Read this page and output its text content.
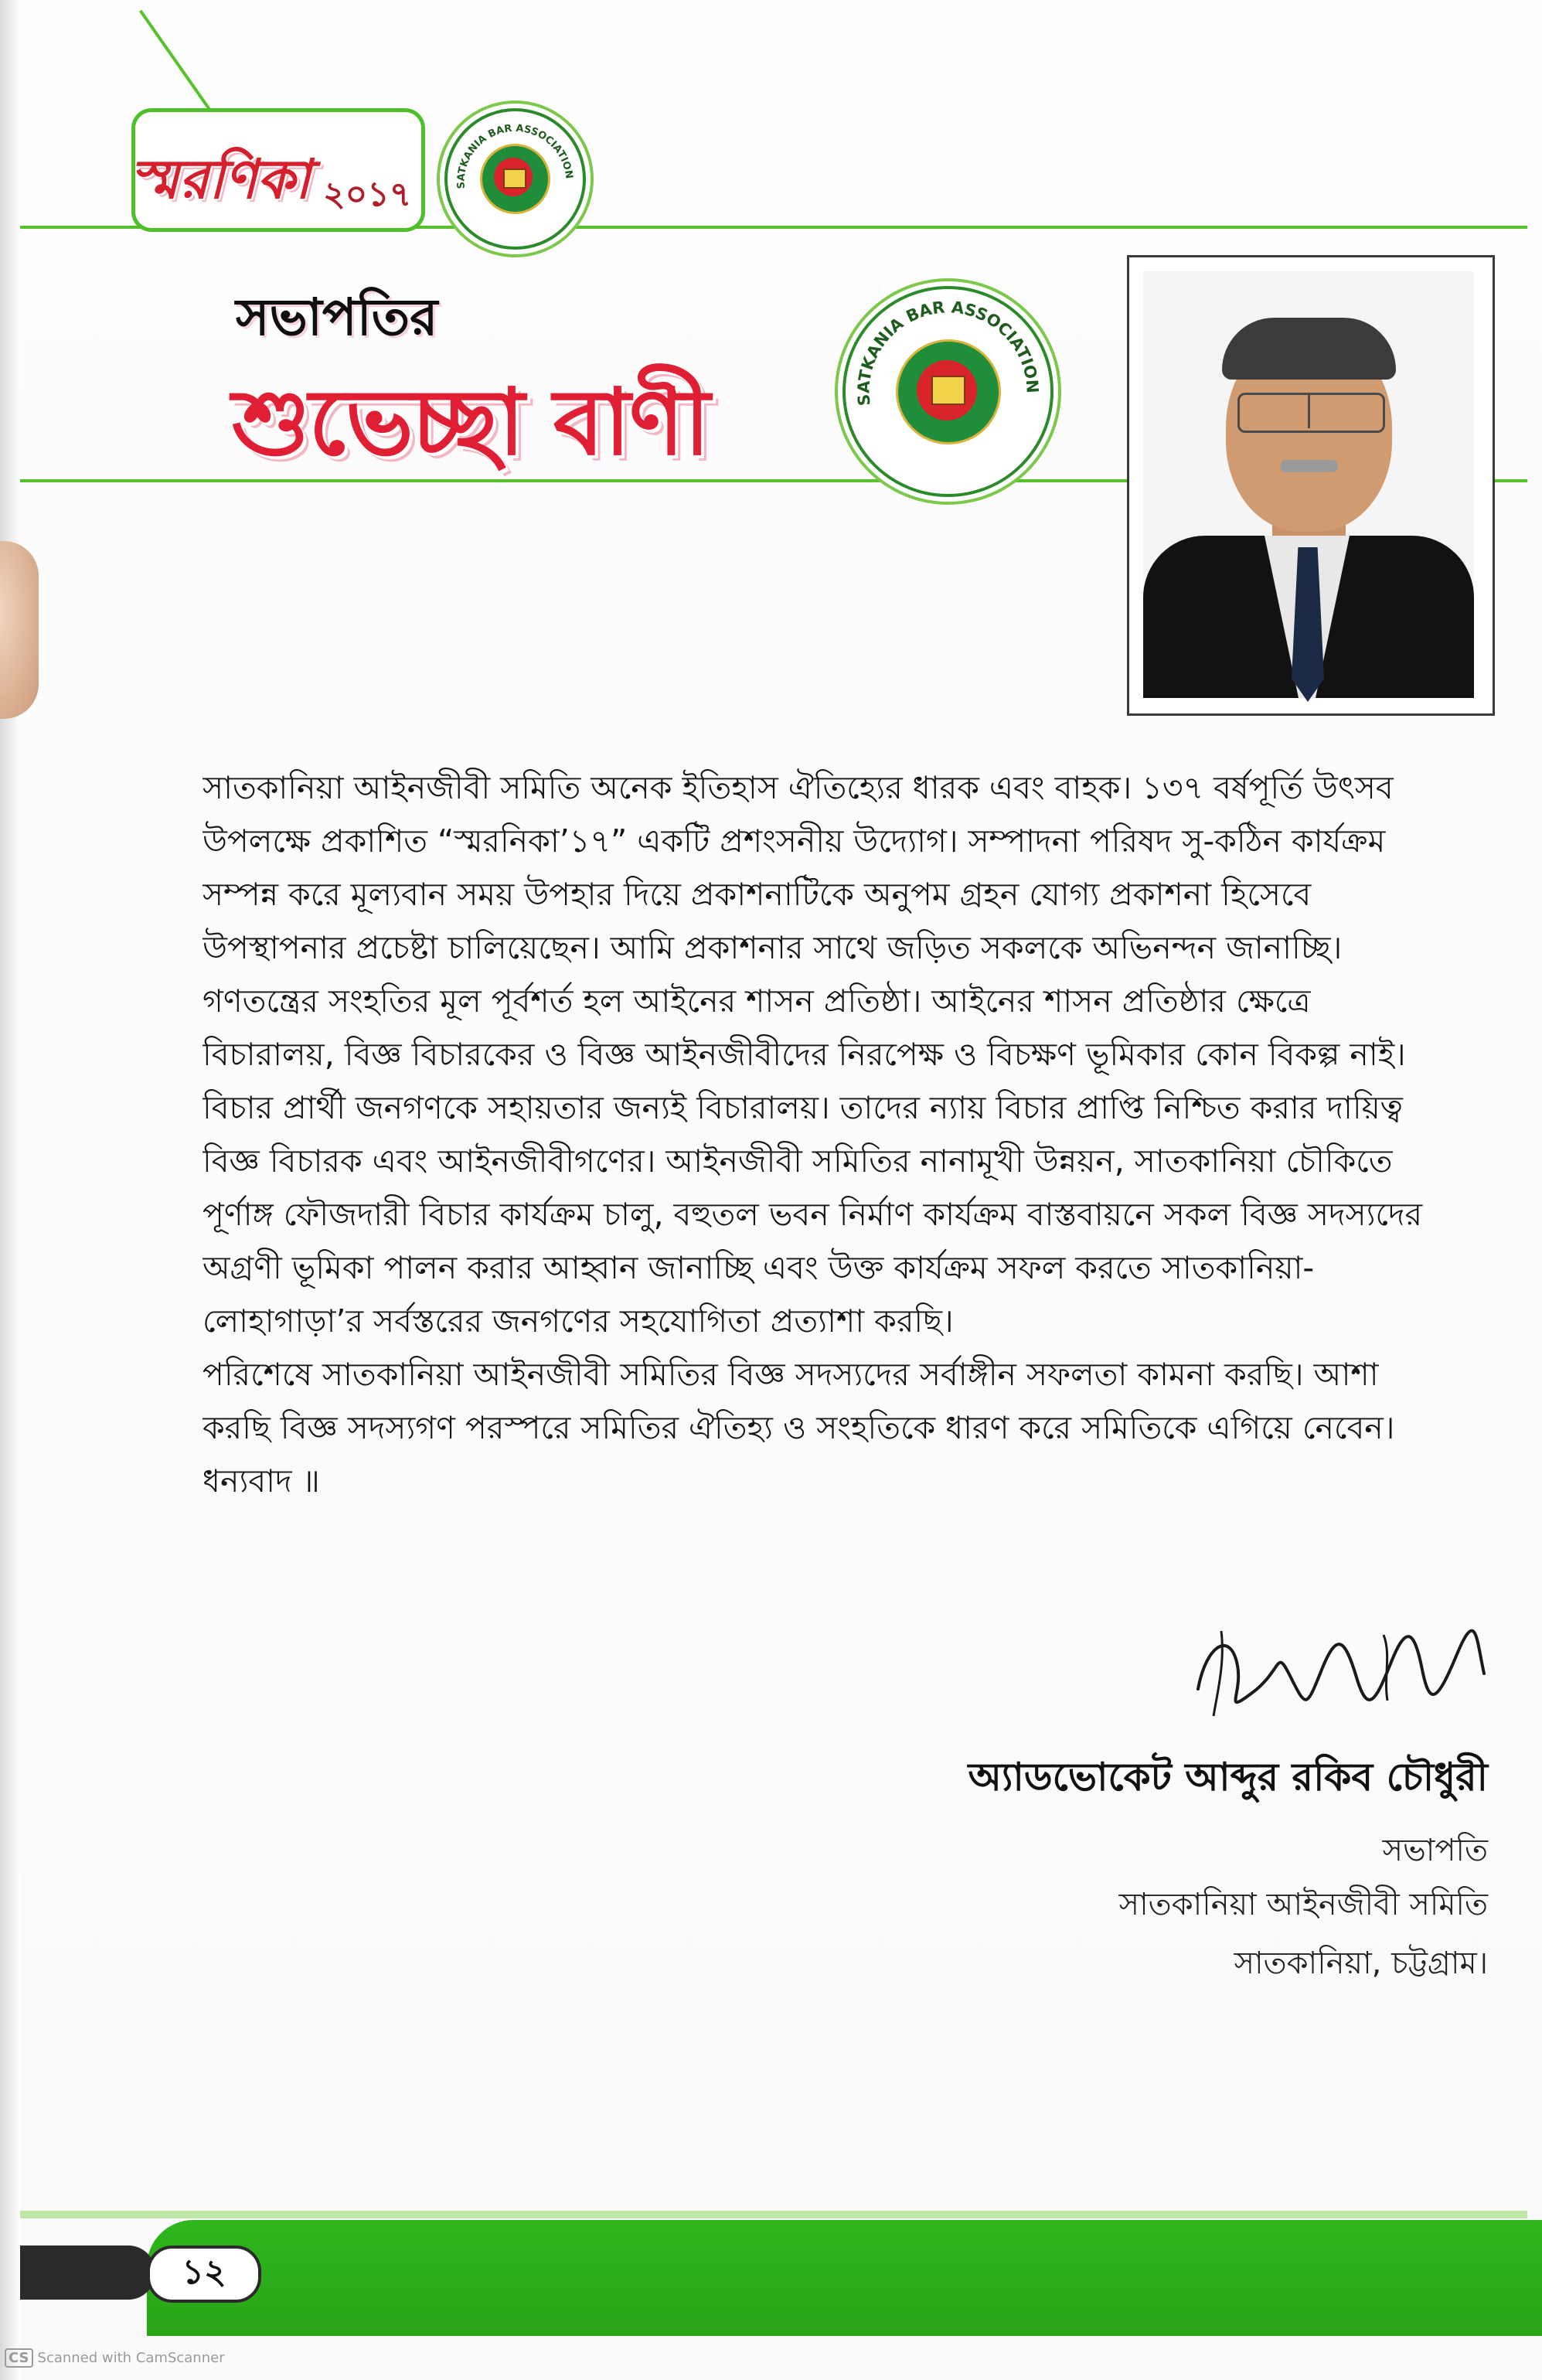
স্মরণিকা ২০১৭	SATKANIA BAR ASSOCIATION
সভাপতির
শুভেচ্ছা বাণী	SATKANIA BAR ASSOCIATION
সাতকানিয়া আইনজীবী সমিতি অনেক ইতিহাস ঐতিহ্যের ধারক এবং বাহক। ১৩৭ বর্ষপূর্তি উৎসব
উপলক্ষে প্রকাশিত “স্মরনিকা’১৭” একটি প্রশংসনীয় উদ্যোগ। সম্পাদনা পরিষদ সু-কঠিন কার্যক্রম
সম্পন্ন করে মূল্যবান সময় উপহার দিয়ে প্রকাশনাটিকে অনুপম গ্রহন যোগ্য প্রকাশনা হিসেবে
উপস্থাপনার প্রচেষ্টা চালিয়েছেন। আমি প্রকাশনার সাথে জড়িত সকলকে অভিনন্দন জানাচ্ছি।
গণতন্ত্রের সংহতির মূল পূর্বশর্ত হল আইনের শাসন প্রতিষ্ঠা। আইনের শাসন প্রতিষ্ঠার ক্ষেত্রে
বিচারালয়, বিজ্ঞ বিচারকের ও বিজ্ঞ আইনজীবীদের নিরপেক্ষ ও বিচক্ষণ ভূমিকার কোন বিকল্প নাই।
বিচার প্রার্থী জনগণকে সহায়তার জন্যই বিচারালয়। তাদের ন্যায় বিচার প্রাপ্তি নিশ্চিত করার দায়িত্ব
বিজ্ঞ বিচারক এবং আইনজীবীগণের। আইনজীবী সমিতির নানামূখী উন্নয়ন, সাতকানিয়া চৌকিতে
পূর্ণাঙ্গ ফৌজদারী বিচার কার্যক্রম চালু, বহুতল ভবন নির্মাণ কার্যক্রম বাস্তবায়নে সকল বিজ্ঞ সদস্যদের
অগ্রণী ভূমিকা পালন করার আহ্বান জানাচ্ছি এবং উক্ত কার্যক্রম সফল করতে সাতকানিয়া-
লোহাগাড়া’র সর্বস্তরের জনগণের সহযোগিতা প্রত্যাশা করছি।
পরিশেষে সাতকানিয়া আইনজীবী সমিতির বিজ্ঞ সদস্যদের সর্বাঙ্গীন সফলতা কামনা করছি। আশা
করছি বিজ্ঞ সদস্যগণ পরস্পরে সমিতির ঐতিহ্য ও সংহতিকে ধারণ করে সমিতিকে এগিয়ে নেবেন।
ধন্যবাদ ॥
অ্যাডভোকেট আব্দুর রকিব চৌধুরী
সভাপতি
সাতকানিয়া আইনজীবী সমিতি
সাতকানিয়া, চট্টগ্রাম।
১২
CS Scanned with CamScanner
